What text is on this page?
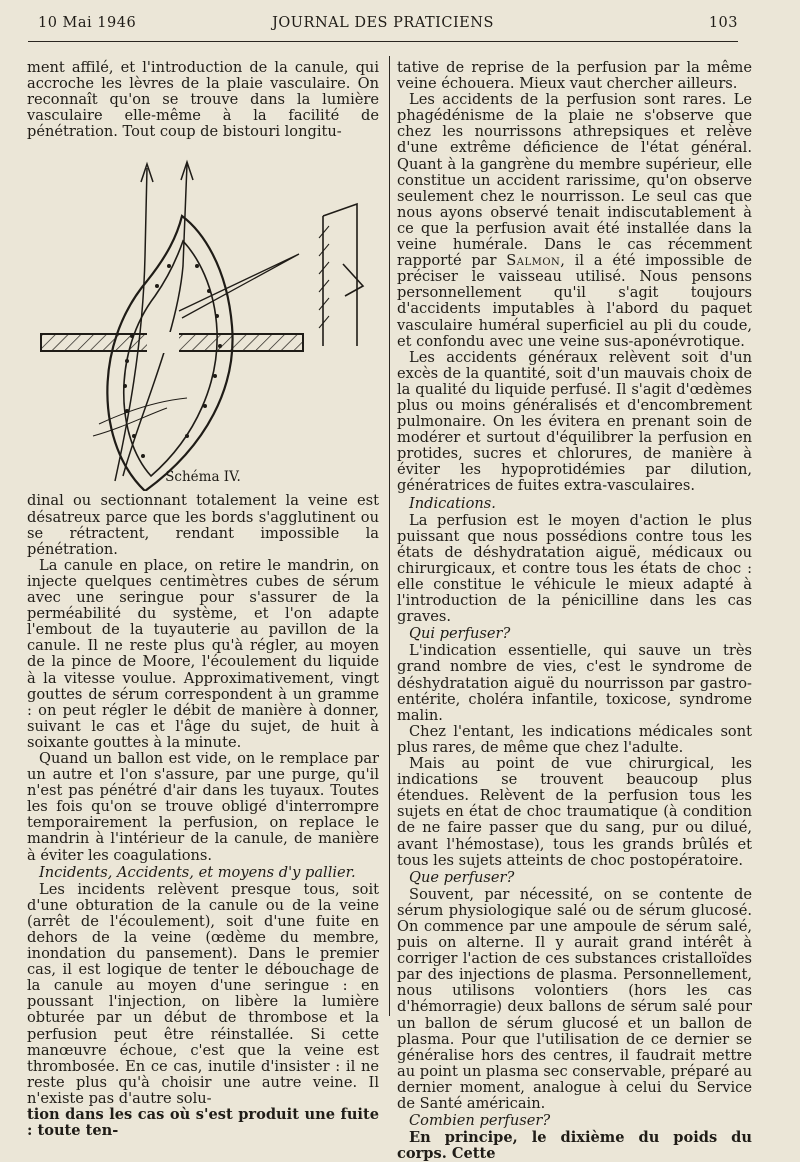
10 Mai 1946	JOURNAL DES PRATICIENS	103

ment affilé, et l'introduction de la canule, qui accroche les lèvres de la plaie vasculaire. On reconnaît qu'on se trouve dans la lumière vasculaire elle-même à la facilité de pénétration. Tout coup de bistouri longitu-

Schéma IV.

dinal ou sectionnant totalement la veine est désatreux parce que les bords s'agglutinent ou se rétractent, rendant impossible la pénétration.

La canule en place, on retire le mandrin, on injecte quelques centimètres cubes de sérum avec une seringue pour s'assurer de la perméabilité du système, et l'on adapte l'embout de la tuyauterie au pavillon de la canule. Il ne reste plus qu'à régler, au moyen de la pince de Moore, l'écoulement du liquide à la vitesse voulue. Approximativement, vingt gouttes de sérum correspondent à un gramme : on peut régler le débit de manière à donner, suivant le cas et l'âge du sujet, de huit à soixante gouttes à la minute.

Quand un ballon est vide, on le remplace par un autre et l'on s'assure, par une purge, qu'il n'est pas pénétré d'air dans les tuyaux. Toutes les fois qu'on se trouve obligé d'interrompre temporairement la perfusion, on replace le mandrin à l'intérieur de la canule, de manière à éviter les coagulations.

Incidents, Accidents, et moyens d'y pallier.

Les incidents relèvent presque tous, soit d'une obturation de la canule ou de la veine (arrêt de l'écoulement), soit d'une fuite en dehors de la veine (œdème du membre, inondation du pansement). Dans le premier cas, il est logique de tenter le débouchage de la canule au moyen d'une seringue : en poussant l'injection, on libère la lumière obturée par un début de thrombose et la perfusion peut être réinstallée. Si cette manœuvre échoue, c'est que la veine est thrombosée. En ce cas, inutile d'insister : il ne reste plus qu'à choisir une autre veine. Il n'existe pas d'autre solu-

tion dans les cas où s'est produit une fuite : toute ten-

tative de reprise de la perfusion par la même veine échouera. Mieux vaut chercher ailleurs.

Les accidents de la perfusion sont rares. Le phagédénisme de la plaie ne s'observe que chez les nourrissons athrepsiques et relève d'une extrême déficience de l'état général. Quant à la gangrène du membre supérieur, elle constitue un accident rarissime, qu'on observe seulement chez le nourrisson. Le seul cas que nous ayons observé tenait indiscutablement à ce que la perfusion avait été installée dans la veine humérale. Dans le cas récemment rapporté par Salmon, il a été impossible de préciser le vaisseau utilisé. Nous pensons personnellement qu'il s'agit toujours d'accidents imputables à l'abord du paquet vasculaire huméral superficiel au pli du coude, et confondu avec une veine sus-aponévrotique.

Les accidents généraux relèvent soit d'un excès de la quantité, soit d'un mauvais choix de la qualité du liquide perfusé. Il s'agit d'œdèmes plus ou moins généralisés et d'encombrement pulmonaire. On les évitera en prenant soin de modérer et surtout d'équilibrer la perfusion en protides, sucres et chlorures, de manière à éviter les hypoprotidémies par dilution, génératrices de fuites extra-vasculaires.

Indications.

La perfusion est le moyen d'action le plus puissant que nous possédions contre tous les états de déshydratation aiguë, médicaux ou chirurgicaux, et contre tous les états de choc : elle constitue le véhicule le mieux adapté à l'introduction de la pénicilline dans les cas graves.

Qui perfuser?

L'indication essentielle, qui sauve un très grand nombre de vies, c'est le syndrome de déshydratation aiguë du nourrisson par gastro-entérite, choléra infantile, toxicose, syndrome malin.

Chez l'entant, les indications médicales sont plus rares, de même que chez l'adulte.

Mais au point de vue chirurgical, les indications se trouvent beaucoup plus étendues. Relèvent de la perfusion tous les sujets en état de choc traumatique (à condition de ne faire passer que du sang, pur ou dilué, avant l'hémostase), tous les grands brûlés et tous les sujets atteints de choc postopératoire.

Que perfuser?

Souvent, par nécessité, on se contente de sérum physiologique salé ou de sérum glucosé. On commence par une ampoule de sérum salé, puis on alterne. Il y aurait grand intérêt à corriger l'action de ces substances cristalloïdes par des injections de plasma. Personnellement, nous utilisons volontiers (hors les cas d'hémorragie) deux ballons de sérum salé pour un ballon de sérum glucosé et un ballon de plasma. Pour que l'utilisation de ce dernier se généralise hors des centres, il faudrait mettre au point un plasma sec conservable, préparé au dernier moment, analogue à celui du Service de Santé américain.

Combien perfuser?

En principe, le dixième du poids du corps. Cette
